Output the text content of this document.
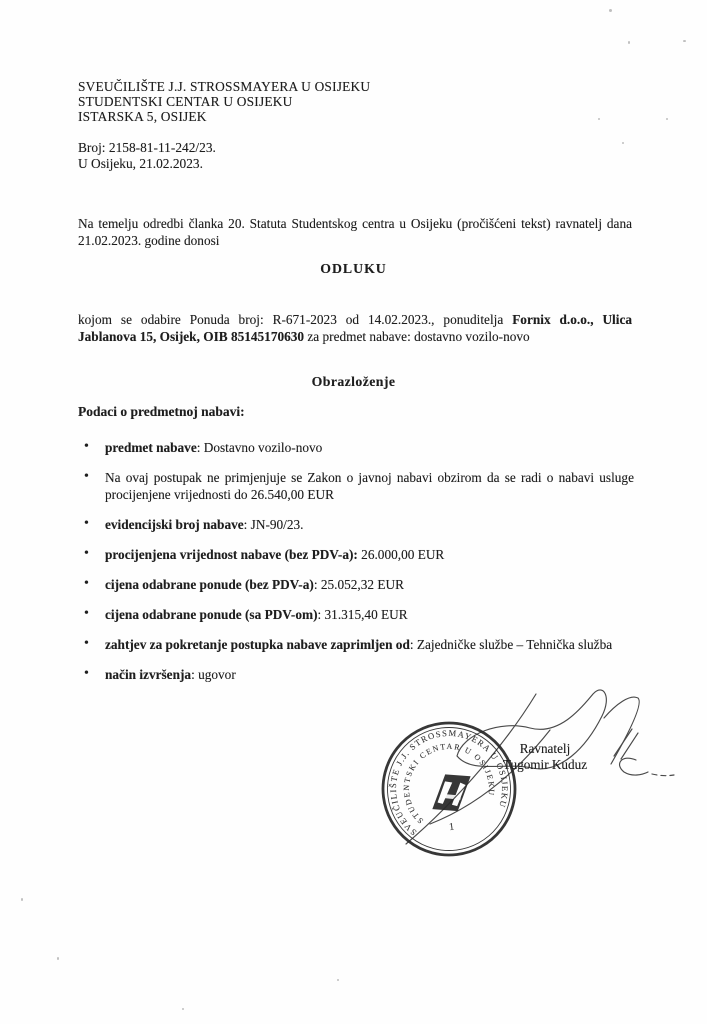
SVEUČILIŠTE J.J. STROSSMAYERA U OSIJEKU
STUDENTSKI CENTAR U OSIJEKU
ISTARSKA 5, OSIJEK
Broj: 2158-81-11-242/23.
U Osijeku, 21.02.2023.
Na temelju odredbi članka 20. Statuta Studentskog centra u Osijeku (pročišćeni tekst) ravnatelj dana 21.02.2023. godine donosi
ODLUKU
kojom se odabire Ponuda broj: R-671-2023 od 14.02.2023., ponuditelja Fornix d.o.o., Ulica Jablanova 15, Osijek, OIB 85145170630 za predmet nabave: dostavno vozilo-novo
Obrazloženje
Podaci o predmetnoj nabavi:
• predmet nabave: Dostavno vozilo-novo
• Na ovaj postupak ne primjenjuje se Zakon o javnoj nabavi obzirom da se radi o nabavi usluge procijenjene vrijednosti do 26.540,00 EUR
• evidencijski broj nabave: JN-90/23.
• procijenjena vrijednost nabave (bez PDV-a): 26.000,00 EUR
• cijena odabrane ponude (bez PDV-a): 25.052,32 EUR
• cijena odabrane ponude (sa PDV-om): 31.315,40 EUR
• zahtjev za pokretanje postupka nabave zaprimljen od: Zajedničke službe – Tehnička služba
• način izvršenja: ugovor
Ravnatelj
Tugomir Kuduz
SVEUČILIŠTE J.J. STROSSMAYERA U OSIJEKU
STUDENTSKI CENTAR U OSIJEKU
1
